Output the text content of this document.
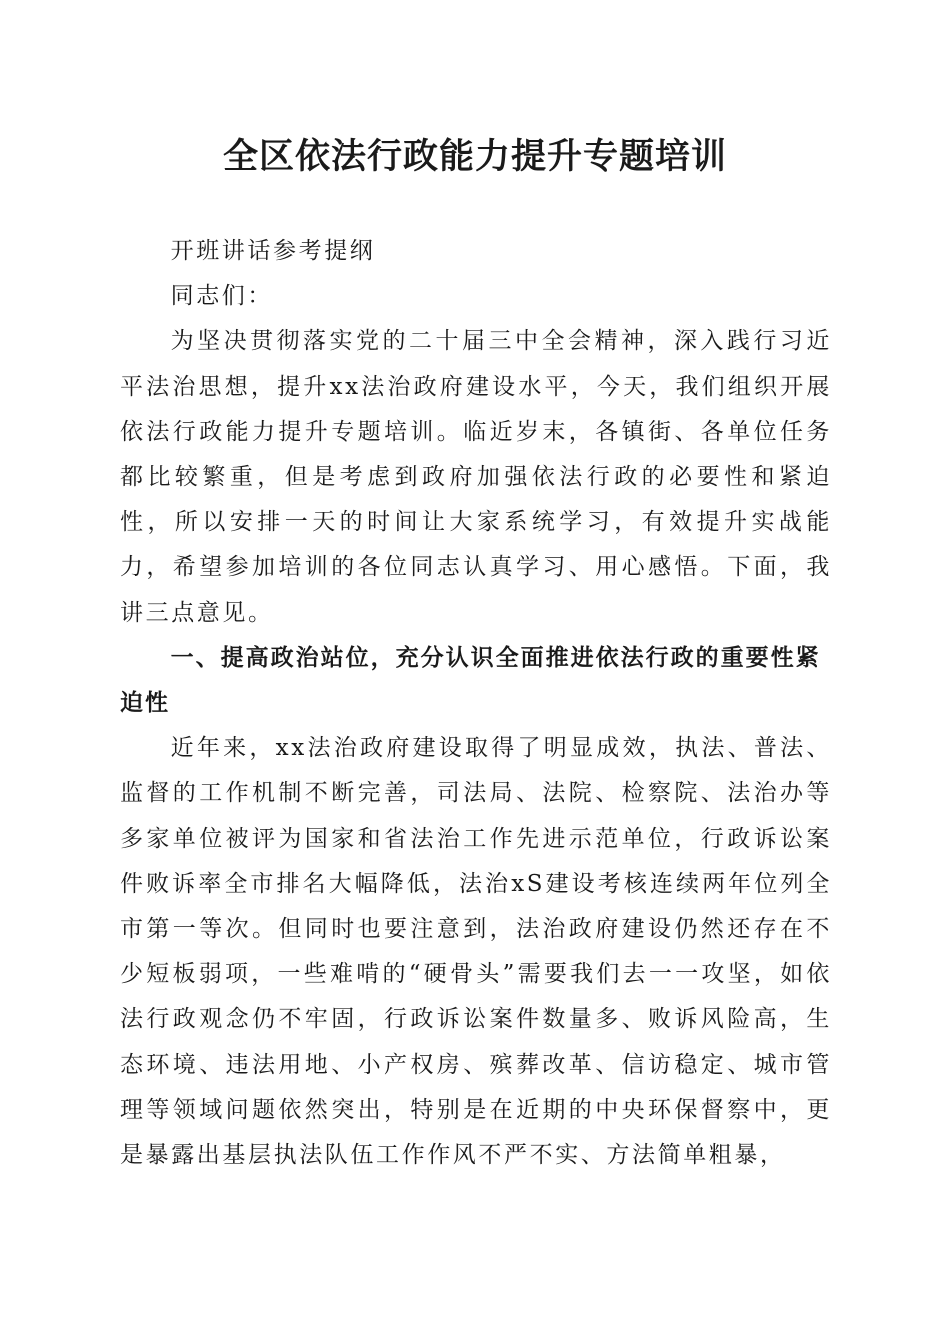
全区依法行政能力提升专题培训

开班讲话参考提纲

同志们：

为坚决贯彻落实党的二十届三中全会精神，深入践行习近平法治思想，提升xx法治政府建设水平，今天，我们组织开展依法行政能力提升专题培训。临近岁末，各镇街、各单位任务都比较繁重，但是考虑到政府加强依法行政的必要性和紧迫性，所以安排一天的时间让大家系统学习，有效提升实战能力，希望参加培训的各位同志认真学习、用心感悟。下面，我讲三点意见。

一、提高政治站位，充分认识全面推进依法行政的重要性紧迫性

近年来，xx法治政府建设取得了明显成效，执法、普法、监督的工作机制不断完善，司法局、法院、检察院、法治办等多家单位被评为国家和省法治工作先进示范单位，行政诉讼案件败诉率全市排名大幅降低，法治xS建设考核连续两年位列全市第一等次。但同时也要注意到，法治政府建设仍然还存在不少短板弱项，一些难啃的“硬骨头”需要我们去一一攻坚，如依法行政观念仍不牢固，行政诉讼案件数量多、败诉风险高，生态环境、违法用地、小产权房、殡葬改革、信访稳定、城市管理等领域问题依然突出，特别是在近期的中央环保督察中，更是暴露出基层执法队伍工作作风不严不实、方法简单粗暴，
